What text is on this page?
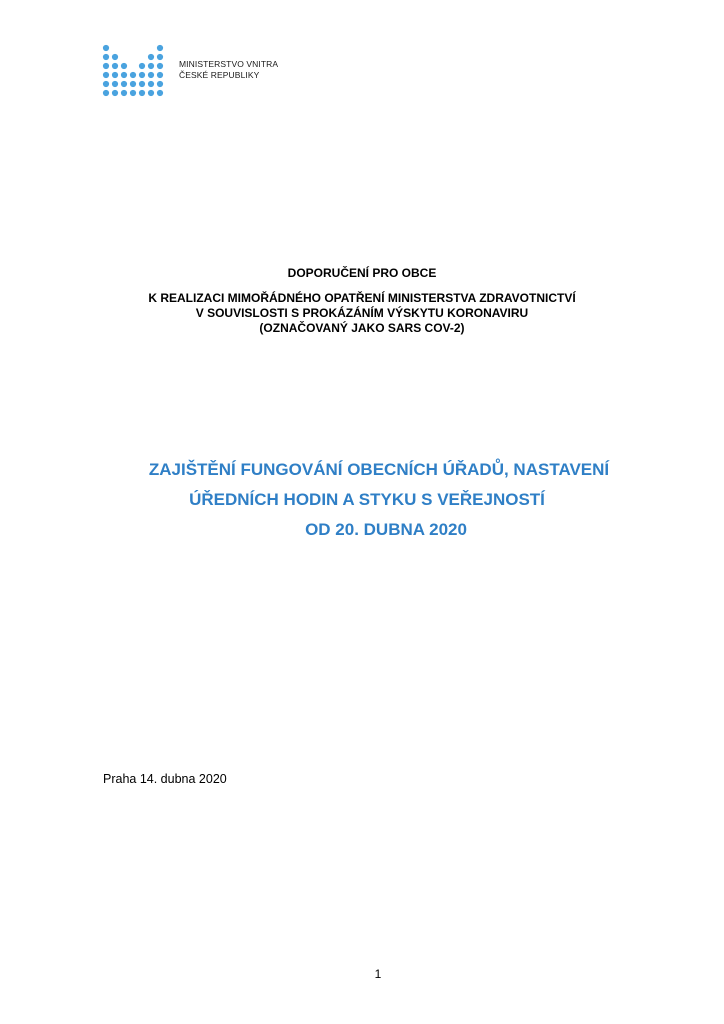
MINISTERSTVO VNITRA
ČESKÉ REPUBLIKY
DOPORUČENÍ PRO OBCE
K REALIZACI MIMOŘÁDNÉHO OPATŘENÍ MINISTERSTVA ZDRAVOTNICTVÍ
V SOUVISLOSTI S PROKÁZÁNÍM VÝSKYTU KORONAVIRU
(OZNAČOVANÝ JAKO SARS COV-2)
ZAJIŠTĚNÍ FUNGOVÁNÍ OBECNÍCH ÚŘADŮ, NASTAVENÍ
ÚŘEDNÍCH HODIN A STYKU S VEŘEJNOSTÍ
OD 20. DUBNA 2020
Praha 14. dubna 2020
1
